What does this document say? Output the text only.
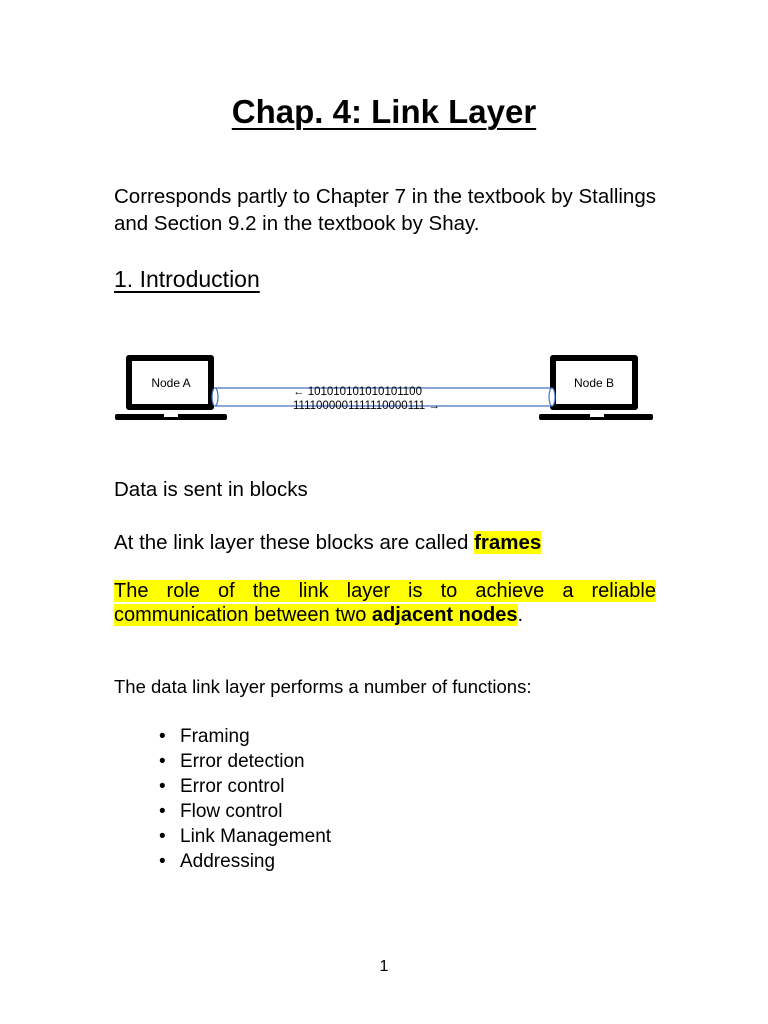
Chap. 4: Link Layer

Corresponds partly to Chapter 7 in the textbook by Stallings and Section 9.2 in the textbook by Shay.

1. Introduction
Node A	Node B
← 101010101010101100
1111000001111110000111 →

Data is sent in blocks

At the link layer these blocks are called frames

The role of the link layer is to achieve a reliable communication between two adjacent nodes.

The data link layer performs a number of functions:

• Framing
• Error detection
• Error control
• Flow control
• Link Management
• Addressing

1
